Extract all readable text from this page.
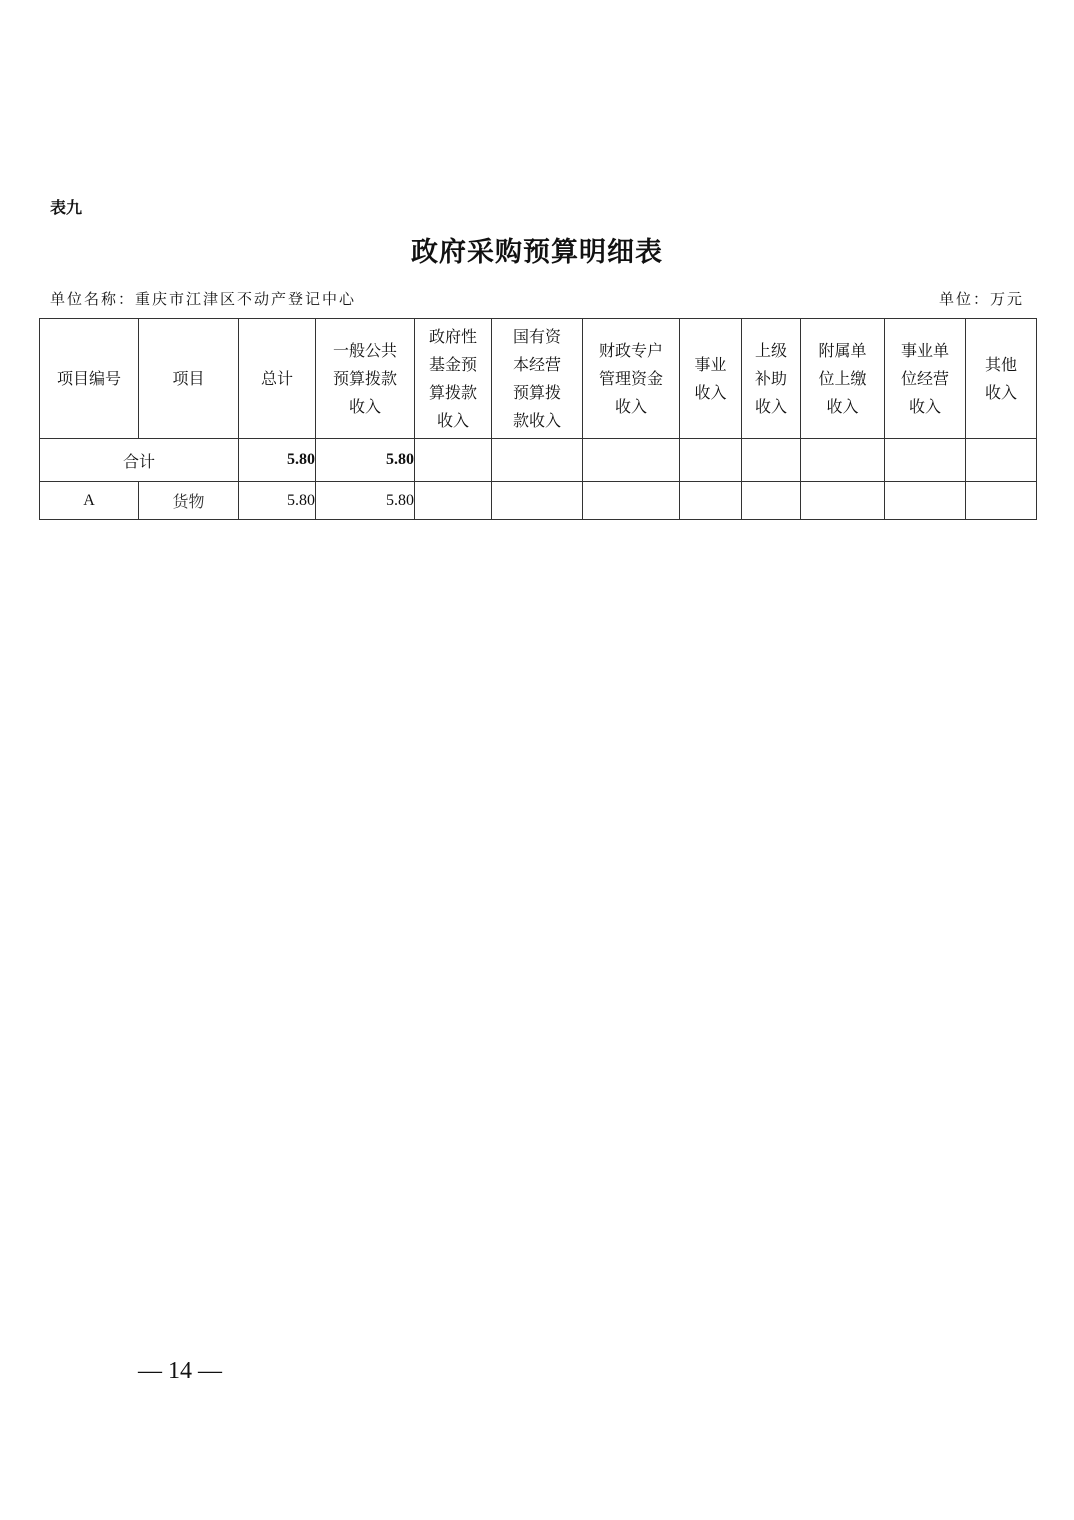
表九
政府采购预算明细表
单位名称：重庆市江津区不动产登记中心	单位：万元
项目编号	项目	总计	一般公共
预算拨款
收入	政府性
基金预
算拨款
收入	国有资
本经营
预算拨
款收入	财政专户
管理资金
收入	事业
收入	上级
补助
收入	附属单
位上缴
收入	事业单
位经营
收入	其他
收入
合计		5.80	5.80								
A	货物	5.80	5.80								
— 14 —
